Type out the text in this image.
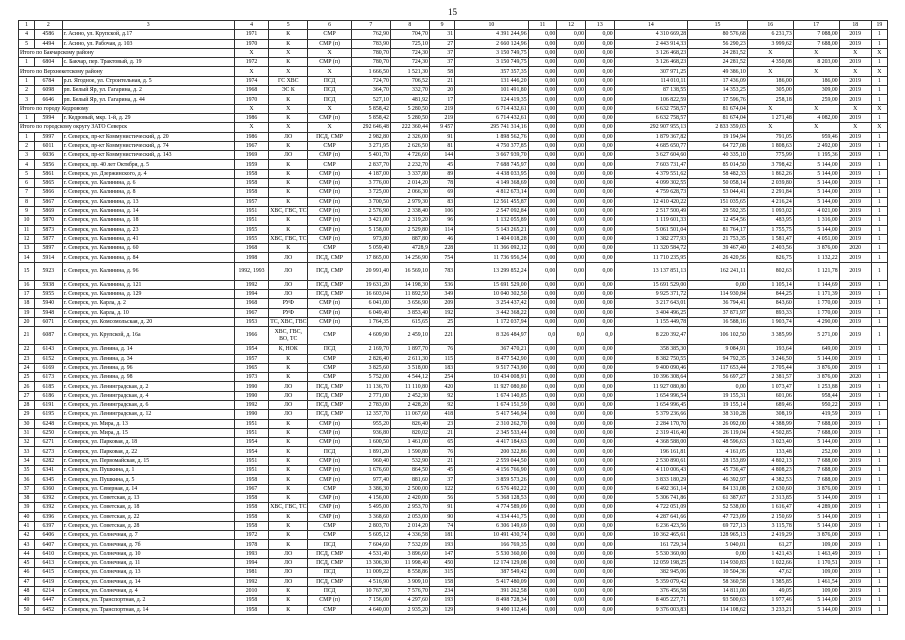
15
1	2	3	4	5	6	7	8	9	10	11	12	13	14	15	16	17	18	19
4	4586	г. Асино, ул. Крупской, д.17	1971	К	СМР	762,90	704,70	31	4 391 244,96	0,00	0,00	0,00	4 310 669,28	80 576,68	6 231,73	7 088,00	2019	1
5	4494	г. Асино, ул. Рабочая, д. 103	1970	К	СМР (п)	783,90	725,10	27	2 660 124,96	0,00	0,00	0,00	2 443 914,33	56 290,23	3 999,62	7 688,00	2019	1
Итого по Бакчарскому району			X	X	X	780,70	724,30	37	3 150 749,75	0,00	0,00	0,00	3 126 468,23	24 281,52	X	X	X	X
1	6804	с. Бакчар, пер. Трактовый, д. 19	1972	К	СМР (п)	780,70	724,30	37	3 150 749,75	0,00	0,00	0,00	3 126 468,23	24 281,52	4 350,08	8 203,00	2019	1
Итого по Верхнекетскому району			X	X	X	1 666,50	1 521,30	58	357 357,35	0,00	0,00	0,00	307 971,25	49 386,10	X	X	X	X
1	6784	р.п. Ягодное, ул. Строительная, д. 5	1974	ГС ХВС	ПСД	724,70	706,52	21	131 446,20	0,00	0,00	0,00	114 010,11	17 436,09	186,00	186,00	2019	1
2	6098	рп. Белый Яр, ул. Гагарина, д. 2	1968	ЭС К	ПСД	364,70	332,70	20	101 491,80	0,00	0,00	0,00	87 138,55	14 353,25	305,00	309,00	2019	1
3	6646	рп. Белый Яр, ул. Гагарина, д. 44	1970	К	ПСД	527,10	481,92	17	124 419,35	0,00	0,00	0,00	106 822,59	17 596,76	258,18	259,00	2019	1
Итого по городу Кедровому			X	X	X	5 858,42	5 280,50	219	6 714 432,61	0,00	0,00	0,00	6 632 758,57	81 674,04	X	X	X	X
1	5994	г. Кедровый, мкр. 1-й, д. 29	1986	К	СМР (п)	5 858,42	5 280,50	219	6 714 432,61	0,00	0,00	0,00	6 632 758,57	81 674,04	1 271,48	4 082,00	2019	1
Итого по городскому округу ЗАТО Северск			X	X	X	292 646,48	222 360,44	9 457	295 741 314,16	0,00	0,00	0,00	292 907 955,13	2 833 359,03	X	X	X	X
1	5997	г. Северск, пр-кт Коммунистический, д. 20	1986	ЛО	ПСД, СМР	2 982,80	2 326,00	91	1 898 562,76	0,00	0,00	0,00	1 879 367,82	19 194,94	791,05	959,46	2019	1
2	6011	г. Северск, пр-кт Коммунистический, д. 74	1967	К	СМР	3 271,95	2 626,50	81	4 750 377,85	0,00	0,00	0,00	4 685 650,77	64 727,08	1 808,63	2 492,00	2019	1
3	6036	г. Северск, пр-кт Коммунистический, д. 143	1969	ЛО	СМР (п)	5 401,70	4 726,60	144	3 667 939,70	0,00	0,00	0,00	3 627 604,60	40 335,10	775,99	1 195,36	2019	1
4	5856	г. Северск, пр. 40 лет Октября, д. 5	1959	К	СМР	2 837,70	2 232,70	45	7 688 745,97	0,00	0,00	0,00	7 603 731,47	85 014,50	3 798,42	5 144,00	2019	1
5	5861	г. Северск, ул. Дзержинского, д. 4	1958	К	СМР (п)	4 187,00	3 337,80	89	4 438 033,95	0,00	0,00	0,00	4 379 551,62	58 482,33	1 862,26	5 144,00	2019	1
6	5865	г. Северск, ул. Калинина, д. 6	1958	К	СМР (п)	3 776,00	2 014,20	78	4 149 368,69	0,00	0,00	0,00	4 099 302,55	50 058,14	2 039,80	5 144,00	2019	1
7	5866	г. Северск, ул. Калинина, д. 8	1958	К	СМР (п)	3 725,00	2 066,30	69	4 812 673,14	0,00	0,00	0,00	4 759 628,73	53 044,41	2 291,84	5 144,00	2019	1
8	5867	г. Северск, ул. Калинина, д. 13	1957	К	СМР (п)	3 700,50	2 979,30	83	12 561 455,87	0,00	0,00	0,00	12 410 420,22	151 035,65	4 216,24	5 144,00	2019	1
9	5869	г. Северск, ул. Калинина, д. 14	1951	ХВС, ГВС, ТС	СМР (п)	2 576,90	2 338,40	106	2 547 092,84	0,00	0,00	0,00	2 517 500,49	29 592,35	1 093,02	4 021,00	2019	1
10	5870	г. Северск, ул. Калинина, д. 18	1951	К	СМР (п)	3 421,00	2 319,20	96	1 132 055,89	0,00	0,00	0,00	1 119 601,33	12 454,56	483,95	1 316,00	2019	1
11	5873	г. Северск, ул. Калинина, д. 23	1955	К	СМР (п)	5 158,00	2 529,80	114	5 143 265,21	0,00	0,00	0,00	5 061 501,04	81 764,17	1 755,75	5 144,00	2019	1
12	5877	г. Северск, ул. Калинина, д. 41	1955	ХВС, ГВС, ТС	СМР (п)	973,80	887,80	46	1 404 018,28	0,00	0,00	0,00	1 382 277,93	21 753,35	1 581,47	4 051,00	2019	1
13	5897	г. Северск, ул. Калинина, д. 60	1968	К	СМР	5 059,40	4728,9	228	11 366 092,12	0,00	0,00	0,00	11 320 584,72	39 467,40	2 403,56	3 876,00	2020	1
14	5914	г. Северск, ул. Калинина, д. 84	1998	ЛО	ПСД, СМР	17 865,00	14 256,90	754	11 736 956,54	0,00	0,00	0,00	11 710 235,95	26 420,56	826,75	1 132,22	2019	1
15	5923	г. Северск, ул. Калинина, д. 96	1992, 1993	ЛО	ПСД, СМР	20 991,40	16 569,10	783	13 299 852,24	0,00	0,00	0,00	13 137 851,13	162 241,11	802,63	1 121,78	2019	1
16	5938	г. Северск, ул. Калинина, д. 121	1992	ЛО	ПСД, СМР	19 631,20	14 198,30	536	15 691 529,00	0,00	0,00	0,00	15 691 529,00	0,00	1 105,14	1 144,69	2019	1
17	5955	г. Северск, ул. Калинина, д. 129	1994	ЛО	ПСД, СМР	16 603,04	11 892,50	349	10 040 302,50	0,00	0,00	0,00	9 925 371,72	114 930,84	844,25	1 171,39	2019	1
18	5940	г. Северск, ул. Карла, д. 2	1968	РУФ	СМР (п)	6 041,00	3 656,90	209	3 254 437,42	0,00	0,00	0,00	3 217 643,01	36 794,41	843,60	1 770,00	2019	1
19	5948	г. Северск, ул. Карла, д. 10	1967	РУФ	СМР (п)	6 049,40	3 853,40	192	3 442 368,22	0,00	0,00	0,00	3 404 496,25	37 871,97	893,33	1 770,00	2019	1
20	6071	г. Северск, ул. Комсомольская, д. 20	1953	ТС, ХВС, ГВС	СМР (п)	1 764,35	615,65	25	1 172 037,94	0,00	0,00	0,00	1 155 449,78	16 588,16	1 903,74	4 290,00	2019	1
21	6087	г. Северск, ул. Крупской, д. 16а	1966	ХВС, ГВС, ВО, ТС	СМР	4 609,90	2 459,10	221	8 326 484,97	0,0	0,0	0,0	8 220 392,47	106 102,50	3 385,99	5 271,00	2019	1
22	6143	г. Северск, ул. Ленина, д. 14	1954	К, НОК	ПСД	2 169,70	1 897,70	76	367 470,21	0,00	0,00	0,00	358 385,30	9 084,91	193,64	649,00	2019	1
23	6152	г. Северск, ул. Ленина, д. 34	1957	К	СМР	2 826,40	2 611,30	115	8 477 542,90	0,00	0,00	0,00	8 382 750,55	94 792,35	3 246,50	5 144,00	2019	1
24	6169	г. Северск, ул. Ленина, д. 96	1965	К	СМР	3 825,60	3 518,00	183	9 517 743,90	0,00	0,00	0,00	9 400 090,46	117 653,44	2 705,44	3 876,00	2019	1
25	6173	г. Северск, ул. Ленина, д. 98	1973	К	СМР	5 752,00	4 544,12	254	10 434 008,91	0,00	0,00	0,00	10 396 308,64	56 697,27	2 381,57	3 876,00	2020	1
26	6185	г. Северск, ул. Ленинградская, д. 2	1990	ЛО	ПСД, СМР	11 136,70	11 110,80	420	11 927 080,80	0,00	0,00	0,00	11 927 080,80	0,00	1 073,47	1 253,88	2019	1
27	6186	г. Северск, ул. Ленинградская, д. 4	1990	ЛО	ПСД, СМР	2 771,00	2 452,30	92	1 674 140,85	0,00	0,00	0,00	1 654 996,54	19 155,31	601,06	958,44	2019	1
28	6191	г. Северск, ул. Ленинградская, д. 6	1992	ЛО	ПСД, СМР	2 783,00	2 428,20	92	1 674 151,59	0,00	0,00	0,00	1 654 996,45	19 155,14	689,46	950,22	2019	1
29	6195	г. Северск, ул. Ленинградская, д. 12	1990	ЛО	ПСД, СМР	12 357,70	11 067,60	418	5 417 546,94	0,00	0,00	0,00	5 379 236,66	38 310,28	308,19	419,59	2019	1
30	6248	г. Северск, ул. Мира, д. 13	1951	К	СМР (п)	955,20	826,40	23	2 310 262,70	0,00	0,00	0,00	2 284 170,70	26 092,00	4 388,99	7 688,00	2019	1
31	6250	г. Северск, ул. Мира, д. 15	1951	К	СМР (п)	936,80	820,02	21	2 345 533,44	0,00	0,00	0,00	2 319 416,40	26 119,04	4 502,85	7 688,00	2019	1
32	6271	г. Северск, ул. Парковая, д. 18	1954	К	СМР (п)	1 600,50	1 461,00	65	4 417 184,63	0,00	0,00	0,00	4 368 588,00	48 596,63	3 023,40	5 144,00	2019	1
33	6273	г. Северск, ул. Парковая, д. 22	1954	К	ПСД	1 891,20	1 590,80	76	200 322,86	0,00	0,00	0,00	196 161,81	4 161,05	133,48	252,00	2019	1
34	6282	г. Северск, ул. Первомайская, д. 15	1951	К	СМР (п)	960,40	532,90	21	2 559 044,50	0,00	0,00	0,00	2 530 890,61	28 153,89	4 802,13	7 688,00	2019	1
35	6341	г. Северск, ул. Пушкина, д. 1	1951	К	СМР (п)	1 676,60	864,50	45	4 156 766,90	0,00	0,00	0,00	4 110 006,43	45 736,47	4 808,23	7 688,00	2019	1
36	6345	г. Северск, ул. Пушкина, д. 5	1958	К	СМР (п)	977,40	881,60	37	3 859 573,26	0,00	0,00	0,00	3 833 180,29	46 392,97	4 382,53	7 688,00	2019	1
37	6360	г. Северск, ул. Северная, д. 14	1967	К	СМР	3 386,30	2 500,00	122	6 576 492,22	0,00	0,00	0,00	6 492 361,14	84 131,08	2 630,60	3 876,00	2019	1
38	6392	г. Северск, ул. Советская, д. 13	1958	К	СМР (п)	4 156,00	2 420,00	56	5 368 128,53	0,00	0,00	0,00	5 306 741,86	61 387,67	2 313,85	5 144,00	2019	1
39	6392	г. Северск, ул. Советская, д. 18	1958	ХВС, ГВС, ТС	СМР (п)	5 495,00	2 953,70	91	4 774 589,09	0,00	0,00	0,00	4 722 051,09	52 538,00	1 616,47	4 289,00	2019	1
40	6396	г. Северск, ул. Советская, д. 22	1958	К	СМР (п)	3 368,60	2 053,00	90	4 334 441,75	0,00	0,00	0,00	4 287 641,66	47 723,09	2 150,69	5 144,00	2019	1
41	6397	г. Северск, ул. Советская, д. 28	1958	К	СМР	2 803,70	2 014,20	74	6 306 149,69	0,00	0,00	0,00	6 236 423,56	69 727,13	3 115,78	5 144,00	2019	1
42	6406	г. Северск, ул. Солнечная, д. 7	1972	К	СМР	5 605,12	4 336,58	181	10 491 430,74	0,00	0,00	0,00	10 362 465,61	128 965,13	2 419,29	3 876,00	2019	1
43	6407	г. Северск, ул. Солнечная, д. 7б	1978	К	ПСД	7 604,60	7 532,09	193	166 769,35	0,00	0,00	0,00	161 729,34	5 040,01	61,27	109,00	2019	1
44	6410	г. Северск, ул. Солнечная, д. 10	1993	ЛО	ПСД, СМР	4 531,40	3 896,60	147	5 530 360,00	0,00	0,00	0,00	5 530 360,00	0,00	1 421,43	1 463,49	2019	1
45	6413	г. Северск, ул. Солнечная, д. 11	1994	ЛО	ПСД, СМР	13 306,30	11 998,40	450	12 174 129,08	0,00	0,00	0,00	12 059 198,25	114 930,83	1 022,66	1 170,51	2019	1
46	6415	г. Северск, ул. Солнечная, д. 13	1981	ЛО	ПСД	11 009,22	8 558,86	315	387 549,42	0,00	0,00	0,00	382 945,06	10 504,36	47,62	109,00	2019	1
47	6419	г. Северск, ул. Солнечная, д. 14	1992	ЛО	ПСД, СМР	4 516,90	3 909,10	158	5 417 480,09	0,00	0,00	0,00	5 359 079,42	58 360,58	1 385,85	1 461,54	2019	1
48	6214	г. Северск, ул. Солнечная, д. 4	2010	К	ПСД	10 767,30	7 576,70	234	391 262,58	0,00	0,00	0,00	376 456,58	14 811,00	49,05	109,00	2019	1
49	6447	г. Северск, ул. Транспортная, д. 2	1958	К	СМР (п)	7 156,00	4 297,60	193	8 498 728,34	0,00	0,00	0,00	8 405 227,71	93 500,63	1 977,46	5 144,00	2019	1
50	6452	г. Северск, ул. Транспортная, д. 14	1958	К	СМР	4 640,00	2 935,20	129	9 490 112,46	0,00	0,00	0,00	9 376 003,83	114 108,62	3 233,21	5 144,00	2019	1
